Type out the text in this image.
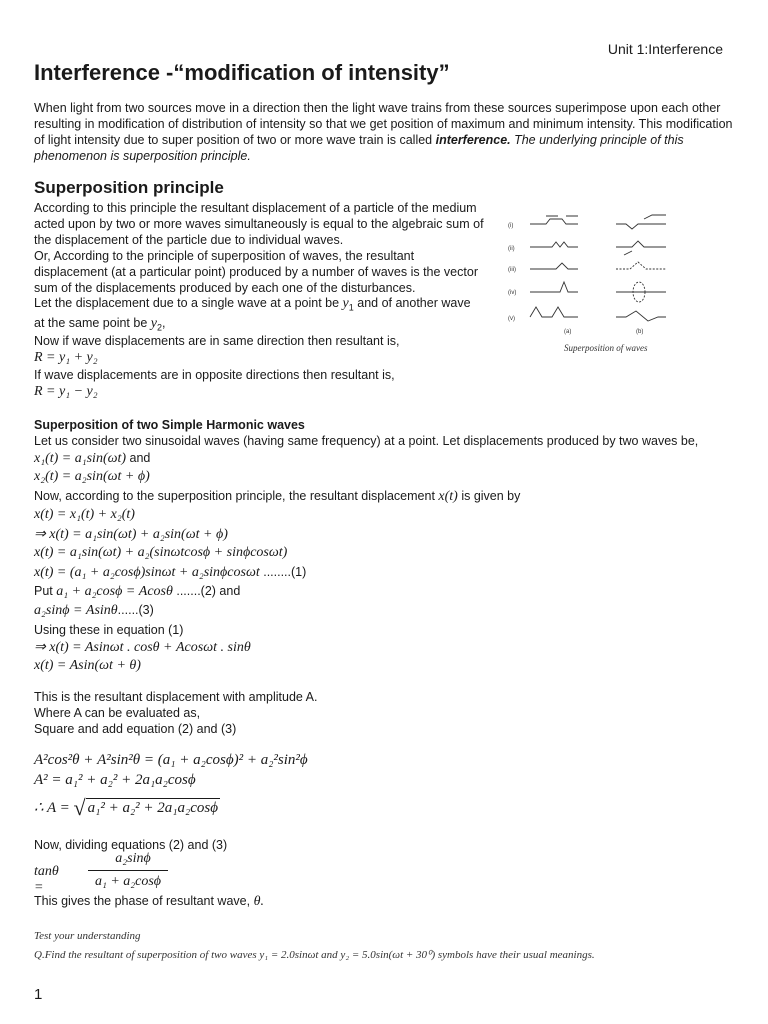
Unit 1:Interference
Interference -“modification of intensity”

When light from two sources move in a direction then the light wave trains from these sources superimpose upon each other resulting in modification of distribution of intensity so that we get position of maximum and minimum intensity. This modification of light intensity due to super position of two or more wave train is called interference. The underlying principle of this phenomenon is superposition principle.

Superposition principle

According to this principle the resultant displacement of a particle of the medium acted upon by two or more waves simultaneously is equal to the algebraic sum of the displacement of the particle due to individual waves.

Or, According to the principle of superposition of waves, the resultant displacement (at a particular point) produced by a number of waves is the vector sum of the displacements produced by each one of the disturbances.

Let the displacement due to a single wave at a point be $y_1$ and of another wave
at the same point be $y_2$,
Now if wave displacements are in same direction then resultant is,
R = y₁ + y₂
If wave displacements are in opposite directions then resultant is,
R = y₁ − y₂
(i)
(ii)
(iii)
(iv)
(v)
(a)	(b)
Superposition of waves
Superposition of two Simple Harmonic waves
Let us consider two sinusoidal waves (having same frequency) at a point. Let displacements produced by two waves be,
x₁(t) = a₁sin(ωt) and
x₂(t) = a₂sin(ωt + ϕ)
Now, according to the superposition principle, the resultant displacement x(t) is given by
x(t) = x₁(t) + x₂(t)
⇒ x(t) = a₁sin(ωt) + a₂sin(ωt + ϕ)
x(t) = a₁sin(ωt) + a₂(sinωtcosϕ + sinϕcosωt)
x(t) = (a₁ + a₂cosϕ)sinωt + a₂sinϕcosωt ........(1)
Put a₁ + a₂cosϕ = Acosθ .......(2) and
a₂sinϕ = Asinθ......(3)
Using these in equation (1)
⇒ x(t) = Asinωt . cosθ + Acosωt . sinθ
x(t) = Asin(ωt + θ)
This is the resultant displacement with amplitude A.
Where A can be evaluated as,
Square and add equation (2) and (3)
A²cos²θ + A²sin²θ = (a₁ + a₂cosϕ)² + a₂²sin²ϕ
A² = a₁² + a₂² + 2a₁a₂cosϕ
∴ A = √ a₁² + a₂² + 2a₁a₂cosϕ
Now, dividing equations (2) and (3)
tanθ =
a₂sinϕ
a₁ + a₂cosϕ
This gives the phase of resultant wave, θ.
Test your understanding
Q.Find the resultant of superposition of two waves y₁ = 2.0sinωt and y₂ = 5.0sin(ωt + 30⁰) symbols have their usual meanings.
1
